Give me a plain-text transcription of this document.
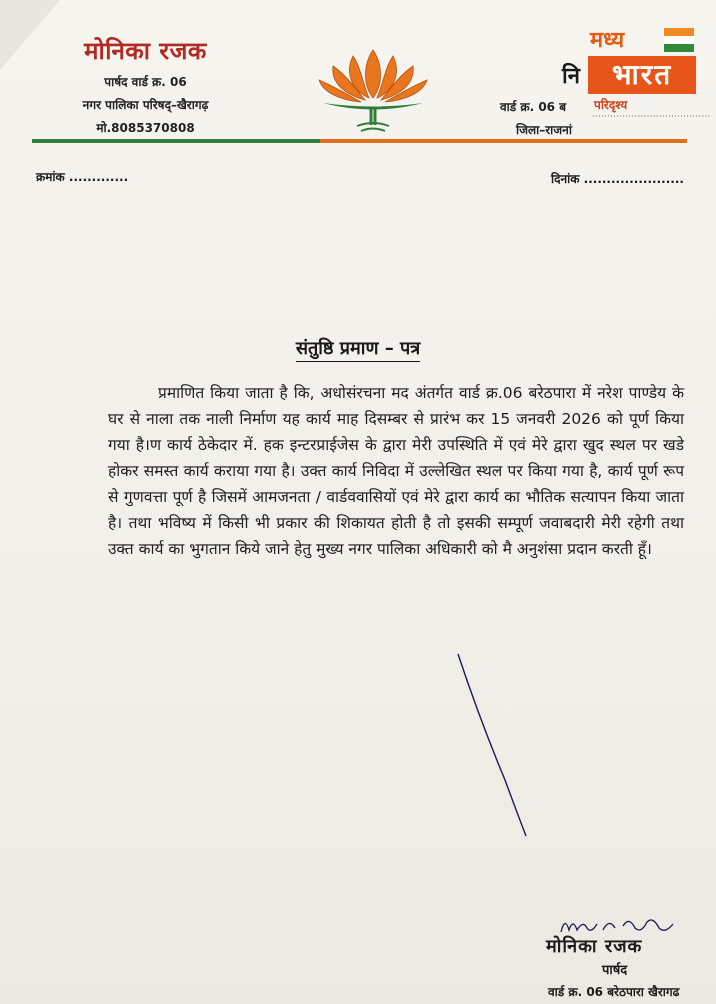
मोनिका रजक
पार्षद वार्ड क्र. 06
नगर पालिका परिषद्–खैरागढ़
मो.8085370808
नि
वार्ड क्र. 06 ब
जिला–राजनां
मध्य
भारत
परिदृश्य
·······································
क्रमांक .............	दिनांक ......................
संतुष्ठि प्रमाण – पत्र
प्रमाणित किया जाता है कि, अधोसंरचना मद अंतर्गत वार्ड क्र.06 बरेठपारा में नरेश पाण्डेय के घर से नाला तक नाली निर्माण यह कार्य माह दिसम्बर से प्रारंभ कर 15 जनवरी 2026 को पूर्ण किया गया है।ण कार्य ठेकेदार में. हक इन्टरप्राईजेस के द्वारा मेरी उपस्थिति में एवं मेरे द्वारा खुद स्थल पर खडे होकर समस्त कार्य कराया गया है। उक्त कार्य निविदा में उल्लेखित स्थल पर किया गया है, कार्य पूर्ण रूप से गुणवत्ता पूर्ण है जिसमें आमजनता / वार्डववासियों एवं मेरे द्वारा कार्य का भौतिक सत्यापन किया जाता है। तथा भविष्य में किसी भी प्रकार की शिकायत होती है तो इसकी सम्पूर्ण जवाबदारी मेरी रहेगी तथा उक्त कार्य का भुगतान किये जाने हेतु मुख्य नगर पालिका अधिकारी को मै अनुशंसा प्रदान करती हूँ।
मोनिका रजक
पार्षद
वार्ड क्र. 06 बरेठपारा खैरागढ
